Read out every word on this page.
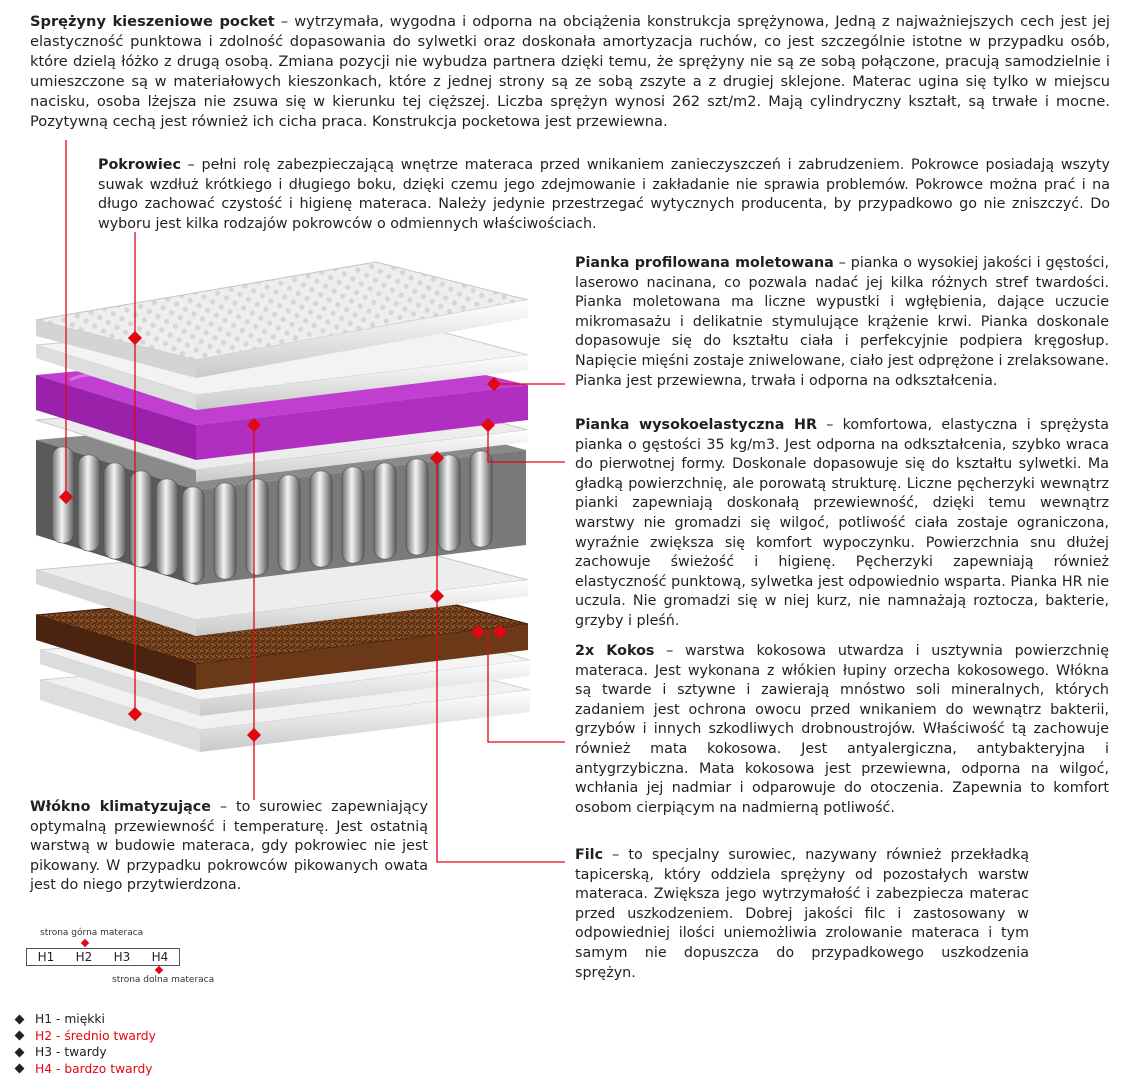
Sprężyny kieszeniowe pocket – wytrzymała, wygodna i odporna na obciążenia konstrukcja sprężynowa, Jedną z najważniejszych cech jest jej elastyczność punktowa i zdolność dopasowania do sylwetki oraz doskonała amortyzacja ruchów, co jest szczególnie istotne w przypadku osób, które dzielą łóżko z drugą osobą. Zmiana pozycji nie wybudza partnera dzięki temu, że sprężyny nie są ze sobą połączone, pracują samodzielnie i umieszczone są w materiałowych kieszonkach, które z jednej strony są ze sobą zszyte a z drugiej sklejone. Materac ugina się tylko w miejscu nacisku, osoba lżejsza nie zsuwa się w kierunku tej cięższej. Liczba sprężyn wynosi 262 szt/m2. Mają cylindryczny kształt, są trwałe i mocne. Pozytywną cechą jest również ich cicha praca. Konstrukcja pocketowa jest przewiewna.

Pokrowiec – pełni rolę zabezpieczającą wnętrze materaca przed wnikaniem zanieczyszczeń i zabrudzeniem. Pokrowce posiadają wszyty suwak wzdłuż krótkiego i długiego boku, dzięki czemu jego zdejmowanie i zakładanie nie sprawia problemów. Pokrowce można prać i na długo zachować czystość i higienę materaca. Należy jedynie przestrzegać wytycznych producenta, by przypadkowo go nie zniszczyć. Do wyboru jest kilka rodzajów pokrowców o odmiennych właściwościach.

Pianka profilowana moletowana – pianka o wysokiej jakości i gęstości, laserowo nacinana, co pozwala nadać jej kilka różnych stref twardości. Pianka moletowana ma liczne wypustki i wgłębienia, dające uczucie mikromasażu i delikatnie stymulujące krążenie krwi. Pianka doskonale dopasowuje się do kształtu ciała i perfekcyjnie podpiera kręgosłup. Napięcie mięśni zostaje zniwelowane, ciało jest odprężone i zrelaksowane. Pianka jest przewiewna, trwała i odporna na odkształcenia.

Pianka wysokoelastyczna HR – komfortowa, elastyczna i sprężysta pianka o gęstości 35 kg/m3. Jest odporna na odkształcenia, szybko wraca do pierwotnej formy. Doskonale dopasowuje się do kształtu sylwetki. Ma gładką powierzchnię, ale porowatą strukturę. Liczne pęcherzyki wewnątrz pianki zapewniają doskonałą przewiewność, dzięki temu wewnątrz warstwy nie gromadzi się wilgoć, potliwość ciała zostaje ograniczona, wyraźnie zwiększa się komfort wypoczynku. Powierzchnia snu dłużej zachowuje świeżość i higienę. Pęcherzyki zapewniają również elastyczność punktową, sylwetka jest odpowiednio wsparta. Pianka HR nie uczula. Nie gromadzi się w niej kurz, nie namnażają roztocza, bakterie, grzyby i pleśń.

2x Kokos – warstwa kokosowa utwardza i usztywnia powierzchnię materaca. Jest wykonana z włókien łupiny orzecha kokosowego. Włókna są twarde i sztywne i zawierają mnóstwo soli mineralnych, których zadaniem jest ochrona owocu przed wnikaniem do wewnątrz bakterii, grzybów i innych szkodliwych drobnoustrojów. Właściwość tą zachowuje również mata kokosowa. Jest antyalergiczna, antybakteryjna i antygrzybiczna. Mata kokosowa jest przewiewna, odporna na wilgoć, wchłania jej nadmiar i odparowuje do otoczenia. Zapewnia to komfort osobom cierpiącym na nadmierną potliwość.

Filc – to specjalny surowiec, nazywany również przekładką tapicerską, który oddziela sprężyny od pozostałych warstw materaca. Zwiększa jego wytrzymałość i zabezpiecza materac przed uszkodzeniem. Dobrej jakości filc i zastosowany w odpowiedniej ilości uniemożliwia zrolowanie materaca i tym samym nie dopuszcza do przypadkowego uszkodzenia sprężyn.

Włókno klimatyzujące – to surowiec zapewniający optymalną przewiewność i temperaturę. Jest ostatnią warstwą w budowie materaca, gdy pokrowiec nie jest pikowany. W przypadku pokrowców pikowanych owata jest do niego przytwierdzona.

strona górna materaca
H1	H2	H3	H4
strona dolna materaca
H1 - miękki
H2 - średnio twardy
H3 - twardy
H4 - bardzo twardy
